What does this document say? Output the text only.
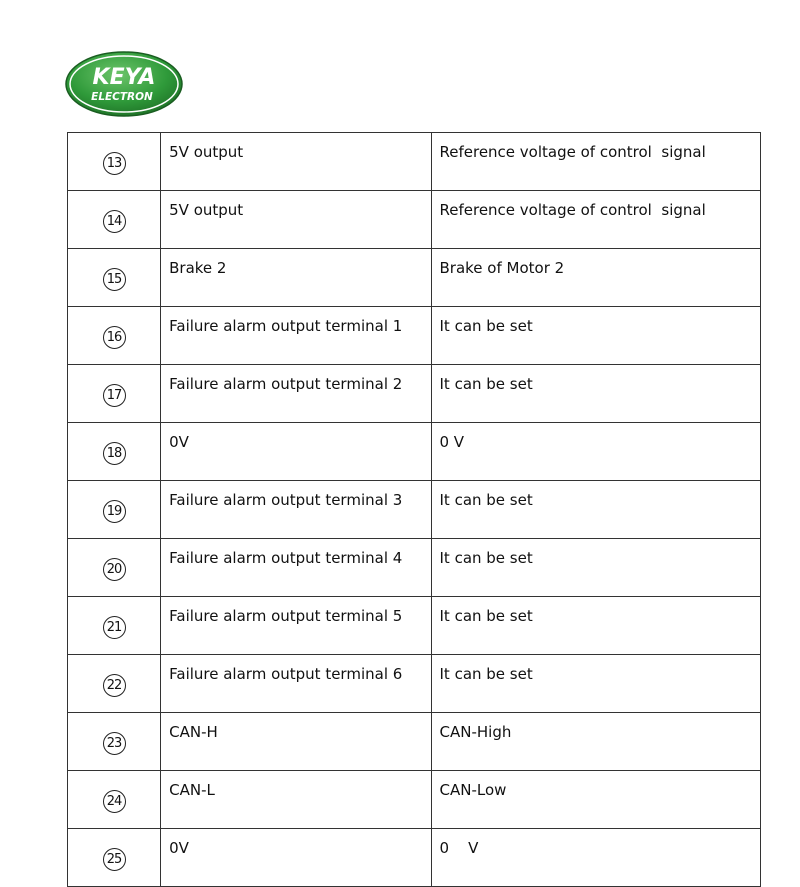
KEYA
ELECTRON
13	5V output	Reference voltage of control  signal
14	5V output	Reference voltage of control  signal
15	Brake 2	Brake of Motor 2
16	Failure alarm output terminal 1	It can be set
17	Failure alarm output terminal 2	It can be set
18	0V	0 V
19	Failure alarm output terminal 3	It can be set
20	Failure alarm output terminal 4	It can be set
21	Failure alarm output terminal 5	It can be set
22	Failure alarm output terminal 6	It can be set
23	CAN-H	CAN-High
24	CAN-L	CAN-Low
25	0V	0    V
